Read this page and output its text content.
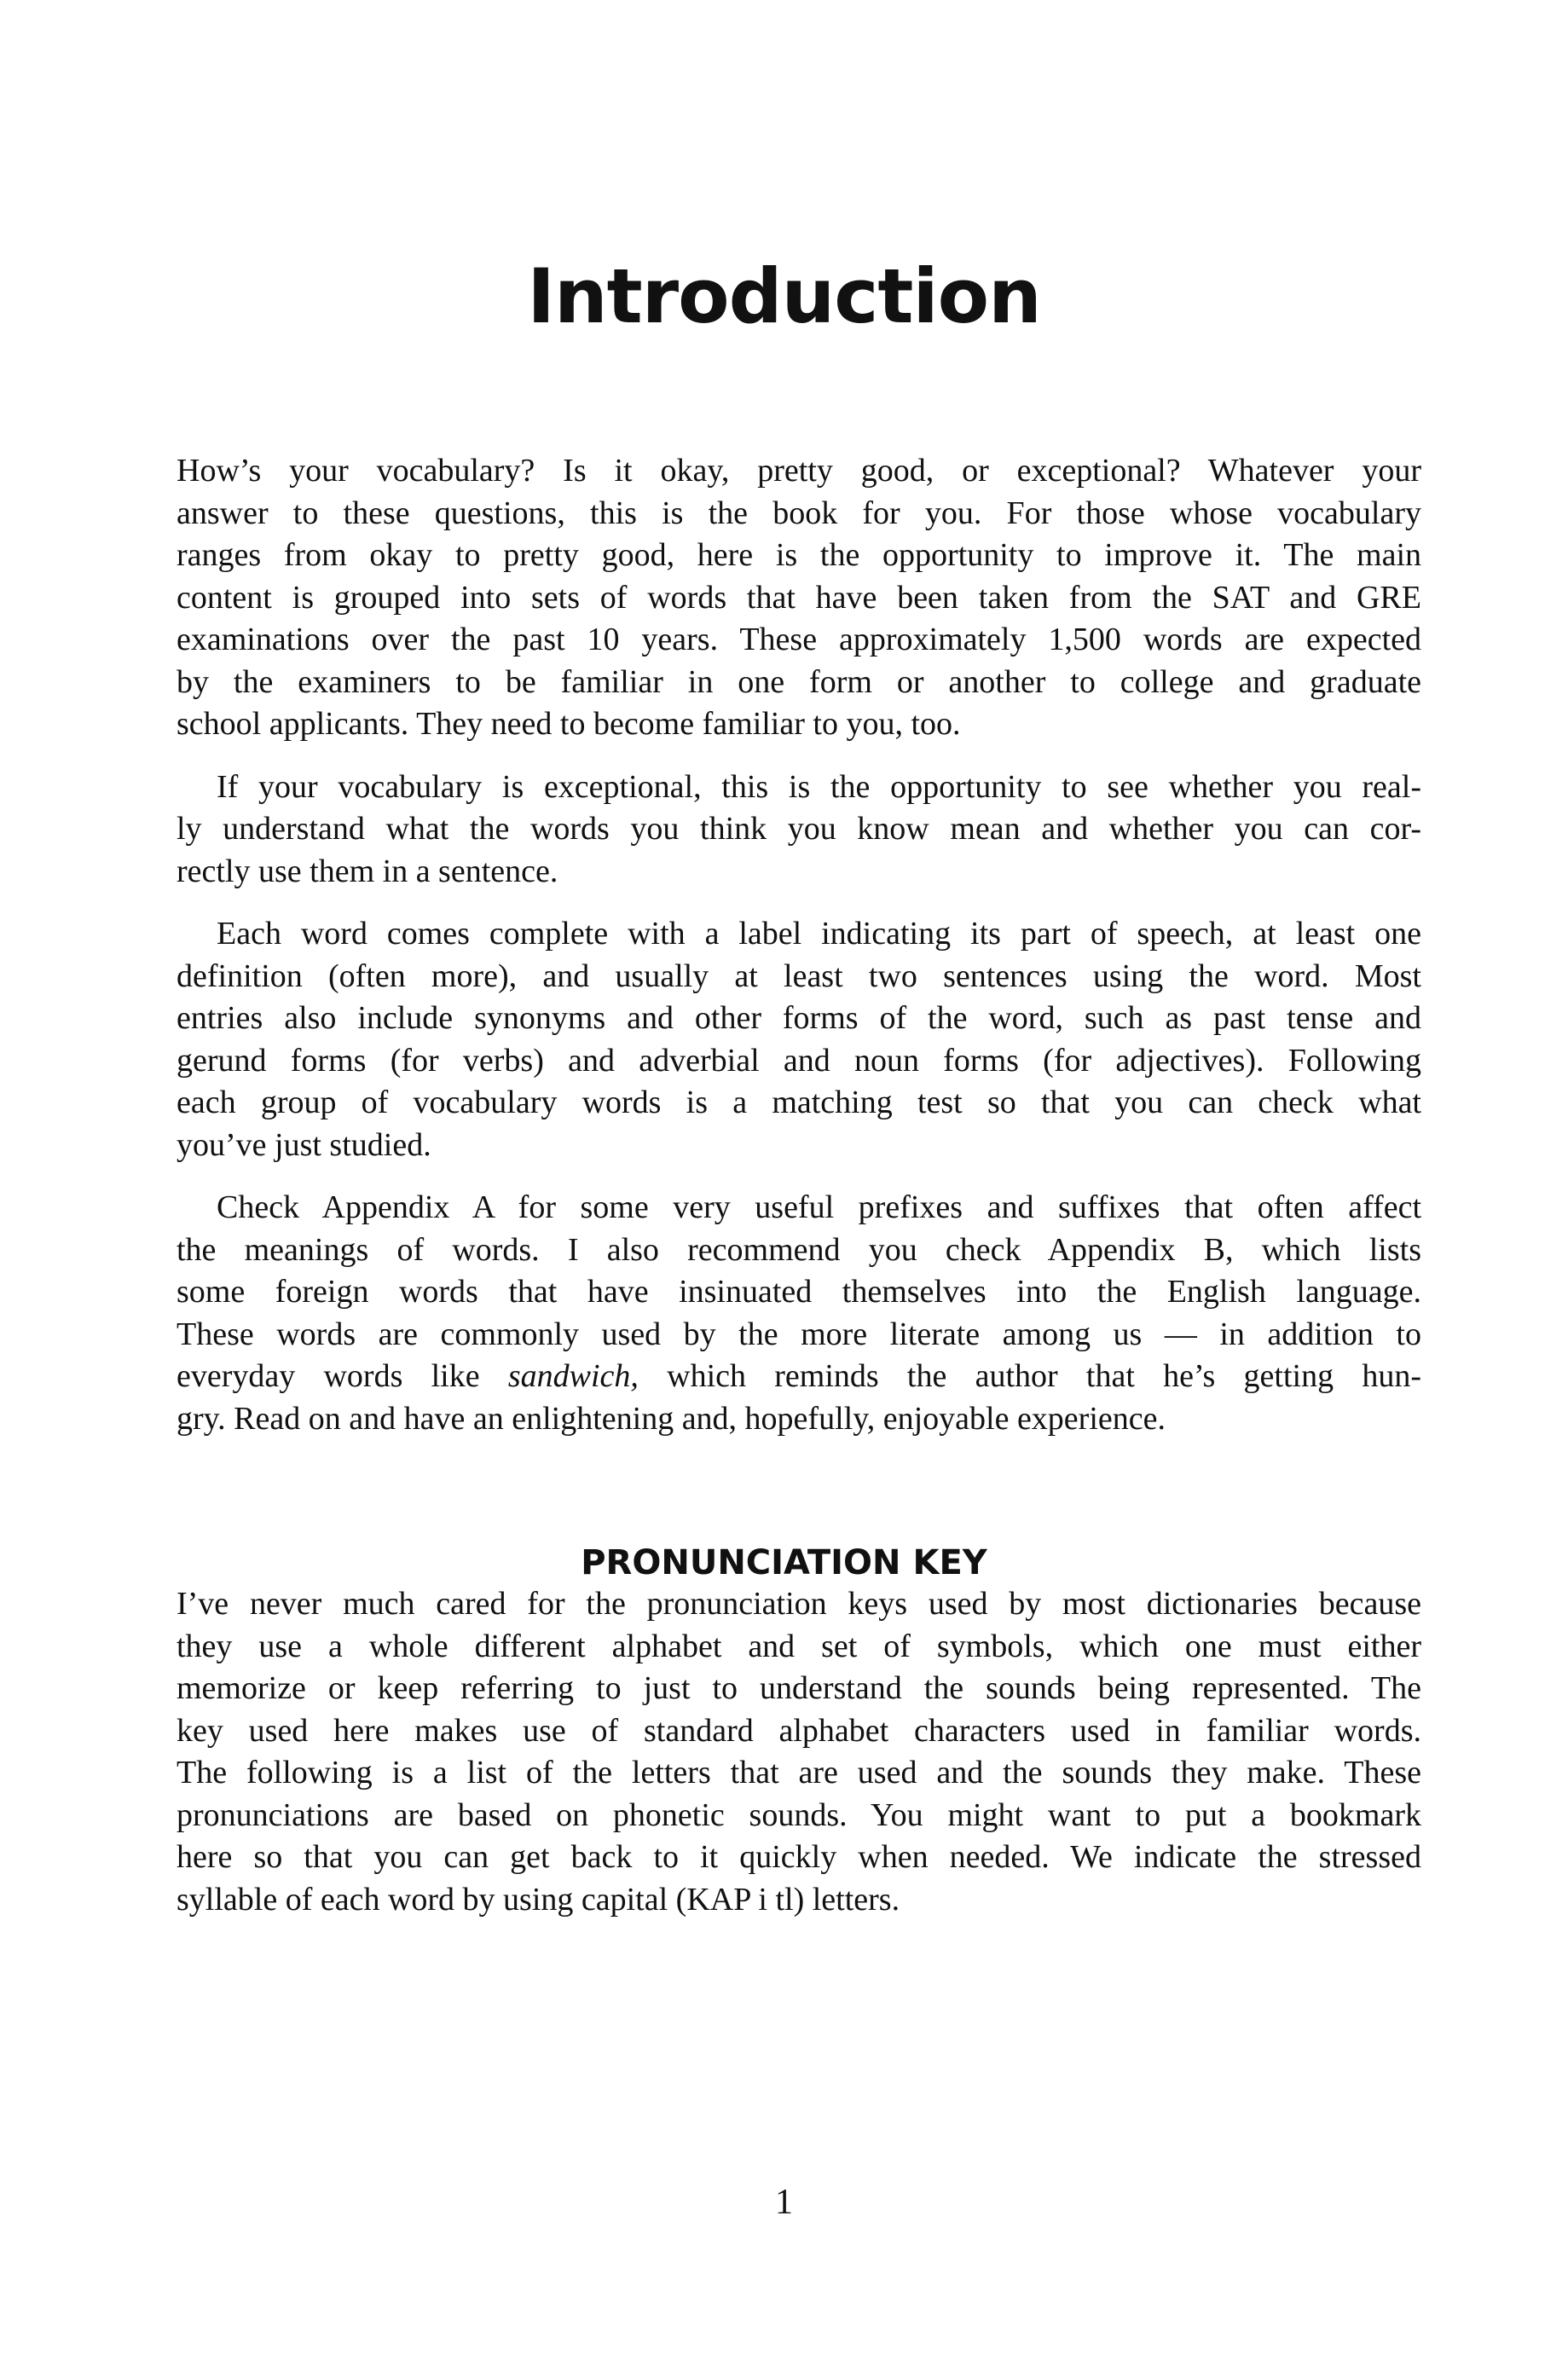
Introduction
How’s your vocabulary? Is it okay, pretty good, or exceptional? Whatever your
answer to these questions, this is the book for you. For those whose vocabulary
ranges from okay to pretty good, here is the opportunity to improve it. The main
content is grouped into sets of words that have been taken from the SAT and GRE
examinations over the past 10 years. These approximately 1,500 words are expected
by the examiners to be familiar in one form or another to college and graduate
school applicants. They need to become familiar to you, too.
If your vocabulary is exceptional, this is the opportunity to see whether you real-
ly understand what the words you think you know mean and whether you can cor-
rectly use them in a sentence.
Each word comes complete with a label indicating its part of speech, at least one
definition (often more), and usually at least two sentences using the word. Most
entries also include synonyms and other forms of the word, such as past tense and
gerund forms (for verbs) and adverbial and noun forms (for adjectives). Following
each group of vocabulary words is a matching test so that you can check what
you’ve just studied.
Check Appendix A for some very useful prefixes and suffixes that often affect
the meanings of words. I also recommend you check Appendix B, which lists
some foreign words that have insinuated themselves into the English language.
These words are commonly used by the more literate among us — in addition to
everyday words like sandwich, which reminds the author that he’s getting hun-
gry. Read on and have an enlightening and, hopefully, enjoyable experience.
PRONUNCIATION KEY
I’ve never much cared for the pronunciation keys used by most dictionaries because
they use a whole different alphabet and set of symbols, which one must either
memorize or keep referring to just to understand the sounds being represented. The
key used here makes use of standard alphabet characters used in familiar words.
The following is a list of the letters that are used and the sounds they make. These
pronunciations are based on phonetic sounds. You might want to put a bookmark
here so that you can get back to it quickly when needed. We indicate the stressed
syllable of each word by using capital (KAP i tl) letters.
1
